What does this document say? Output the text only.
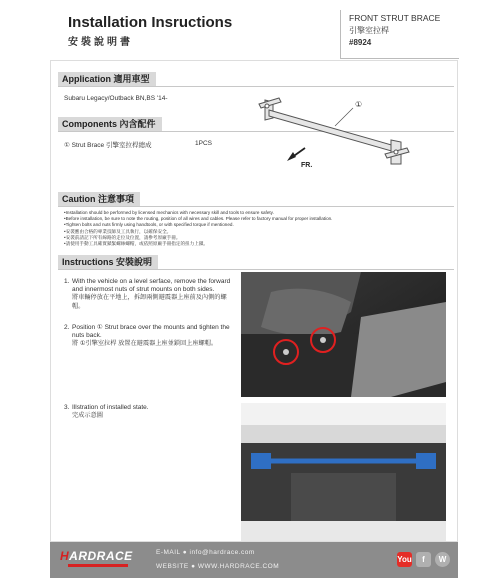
Installation Insructions
安裝說明書
FRONT STRUT BRACE
引擎室拉桿
#8924
Application 適用車型
Subaru Legacy/Outback BN,BS '14-
Components 內含配件
① Strut Brace 引擎室拉桿總成	1PCS
①
FR.
Caution 注意事項
• Installation should be performed by licensed mechanics with necessary skill and tools to ensure safety.
• Before installation, be sure to note the routing, position of all wires and cables. Please refer to factory manual for proper installation.
• Tighten bolts and nuts firmly using handtools, or with specified torque if mentioned.
• 安裝應由合格的專業技師及工具執行，以確保安全。
• 安裝前請記下所有線路的走位及位置，請參考原廠手冊。
• 請使用手動工具確實鎖緊螺絲螺帽，或依照原廠手冊指定的扭力上鎖。
Instructions 安裝說明
1. With the vehicle on a level serface, remove the forward and innermost nuts of strut mounts on both sides.
將車輛停放在平地上，拆卸兩側避震器上座前及內側的螺帽。
2. Position ① Strut brace over the mounts and tighten the nuts back.
將 ①引擎室拉桿 放置在避震器上座並鎖回上座螺帽。
3. Illstration of installed state.
完成示意圖
HARDRACE	E-MAIL ● info@hardrace.com
WEBSITE ● WWW.HARDRACE.COM
You f W
